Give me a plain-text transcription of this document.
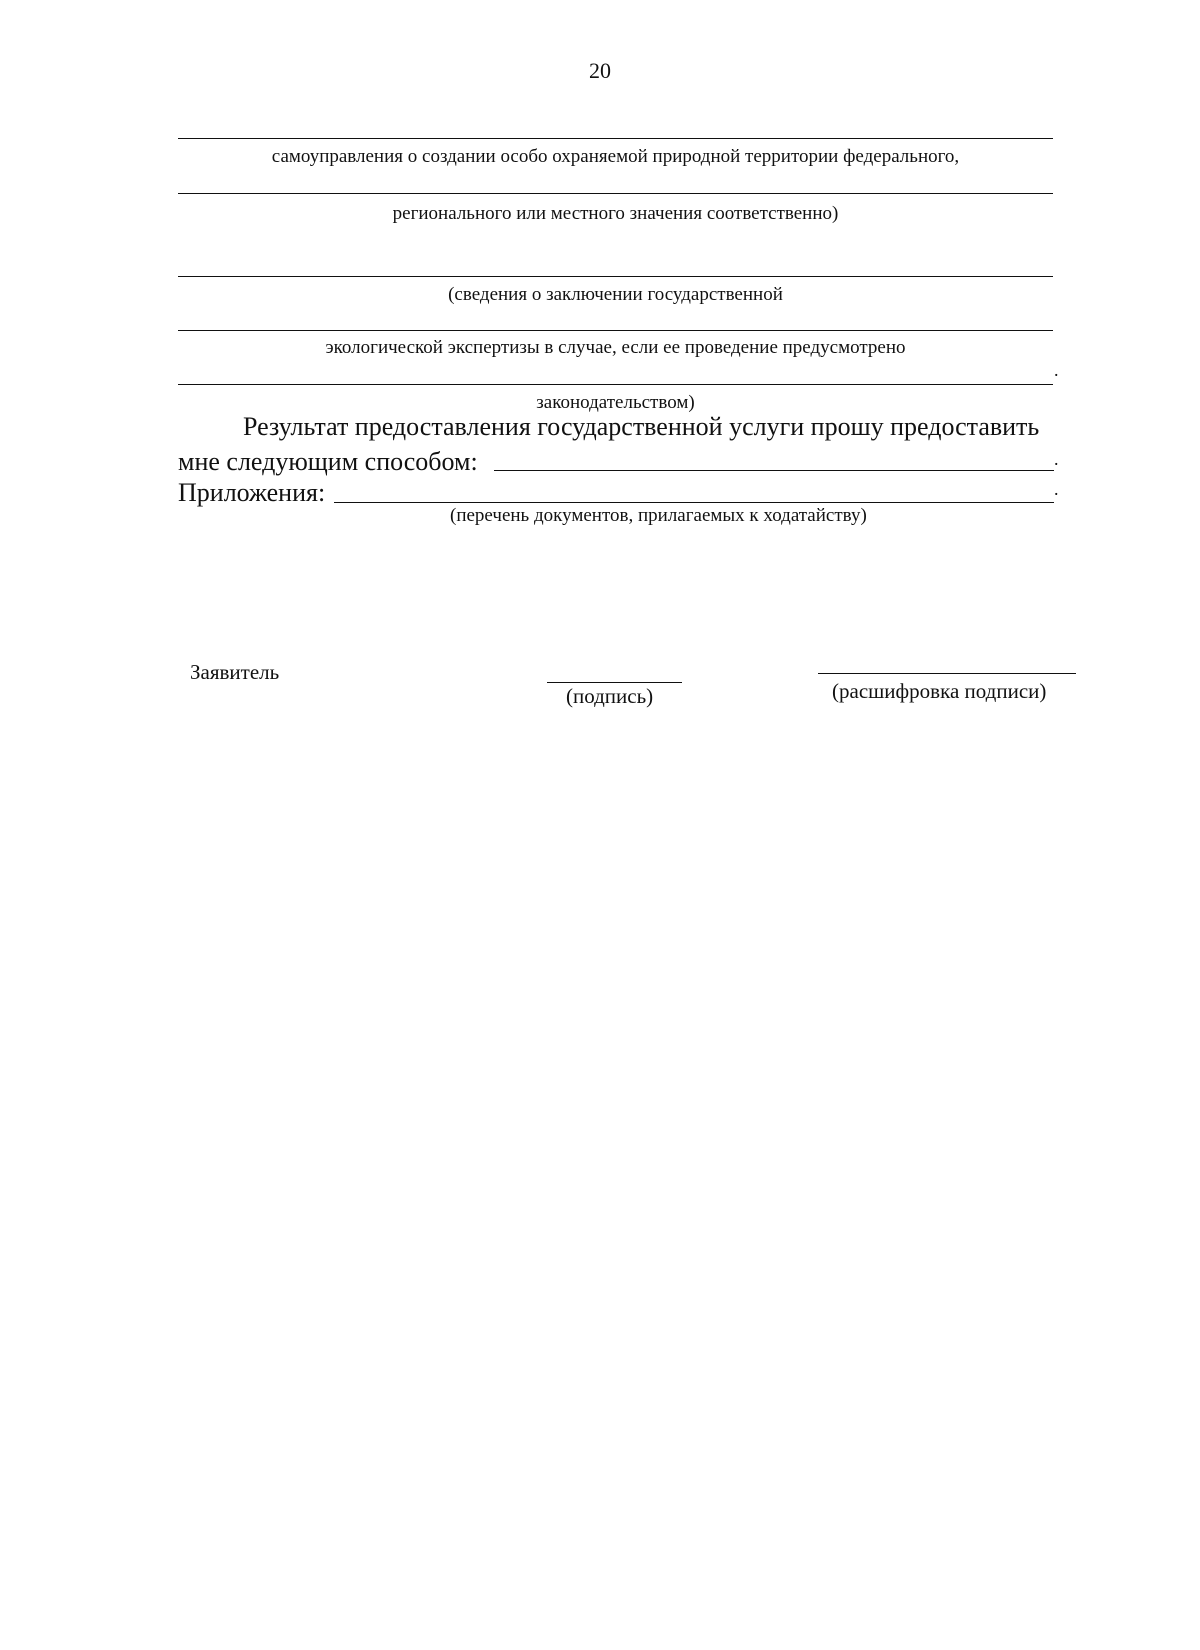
20
самоуправления о создании особо охраняемой природной территории федерального,
регионального или местного значения соответственно)
(сведения о заключении государственной
экологической экспертизы в случае, если ее проведение предусмотрено
.
законодательством)
Результат предоставления государственной услуги прошу предоставить
мне следующим способом:	.
Приложения:	.
(перечень документов, прилагаемых к ходатайству)
Заявитель
(подпись)	(расшифровка подписи)
